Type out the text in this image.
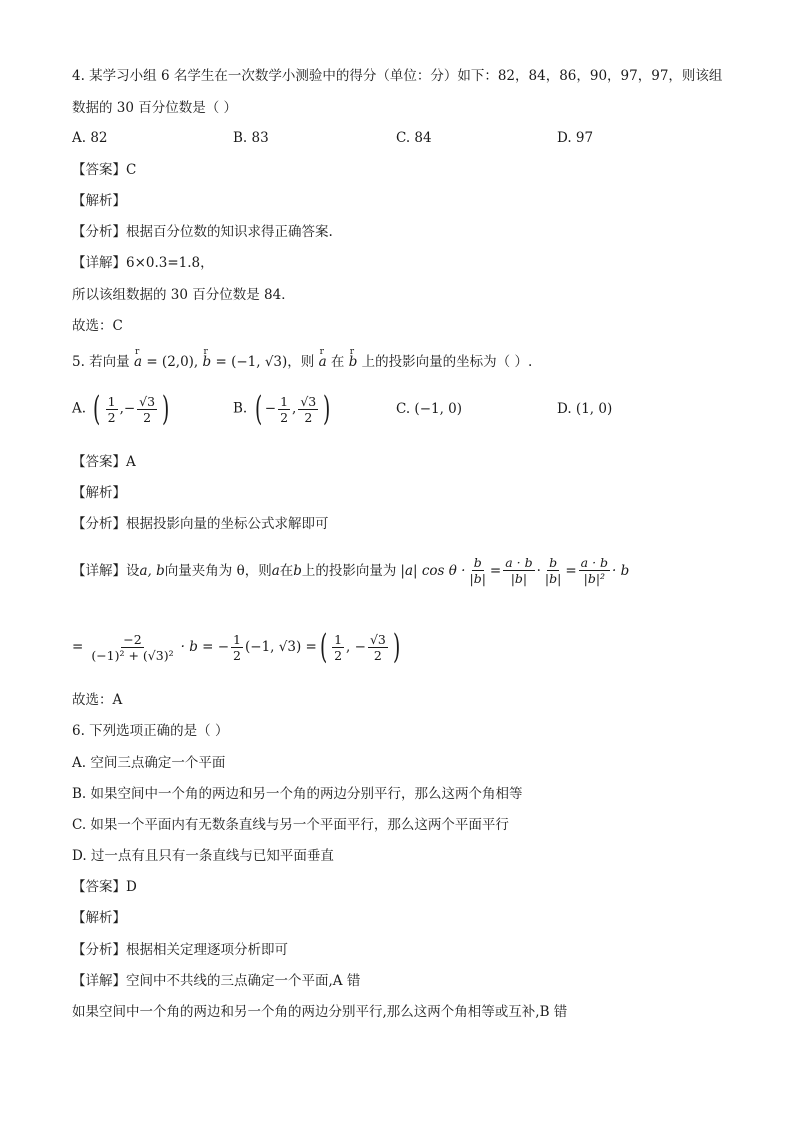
4. 某学习小组 6 名学生在一次数学小测验中的得分（单位：分）如下：82，84，86，90，97，97，则该组
数据的 30 百分位数是（ ）
A. 82	B. 83	C. 84	D. 97
【答案】C
【解析】
【分析】根据百分位数的知识求得正确答案.
【详解】6×0.3=1.8，
所以该组数据的 30 百分位数是 84．
故选：C
5. 若向量 r a = (2,0), r b = (−1, √3)，则 r a 在 r b 上的投影向量的坐标为（ ）.
A. ( $\frac{1}{2}$ ,− $\frac{√3}{2}$ )	B. ( − $\frac{1}{2}$ , $\frac{√3}{2}$ )	C. (−1, 0)	D. (1, 0)
【答案】A
【解析】
【分析】根据投影向量的坐标公式求解即可
【详解】设 a, b 向量夹角为 θ，则 a 在 b 上的投影向量为 |a| $\cos \theta \cdot \frac{b}{|b|} = \frac{a \cdot b}{|b|} \cdot \frac{b}{|b|} = \frac{a \cdot b}{\text{|b|²}} \cdot b$
= $\frac{-2}{\text{(−1)² + (√3)²}} \cdot b$ = − $\frac{1}{2} (-1$, √3) = ( $\frac{1}{2}$ , − $\frac{√3}{2}$ )
故选：A
6. 下列选项正确的是（ ）
A. 空间三点确定一个平面
B. 如果空间中一个角的两边和另一个角的两边分别平行，那么这两个角相等
C. 如果一个平面内有无数条直线与另一个平面平行，那么这两个平面平行
D. 过一点有且只有一条直线与已知平面垂直
【答案】D
【解析】
【分析】根据相关定理逐项分析即可
【详解】空间中不共线的三点确定一个平面,A 错
如果空间中一个角的两边和另一个角的两边分别平行,那么这两个角相等或互补,B 错
